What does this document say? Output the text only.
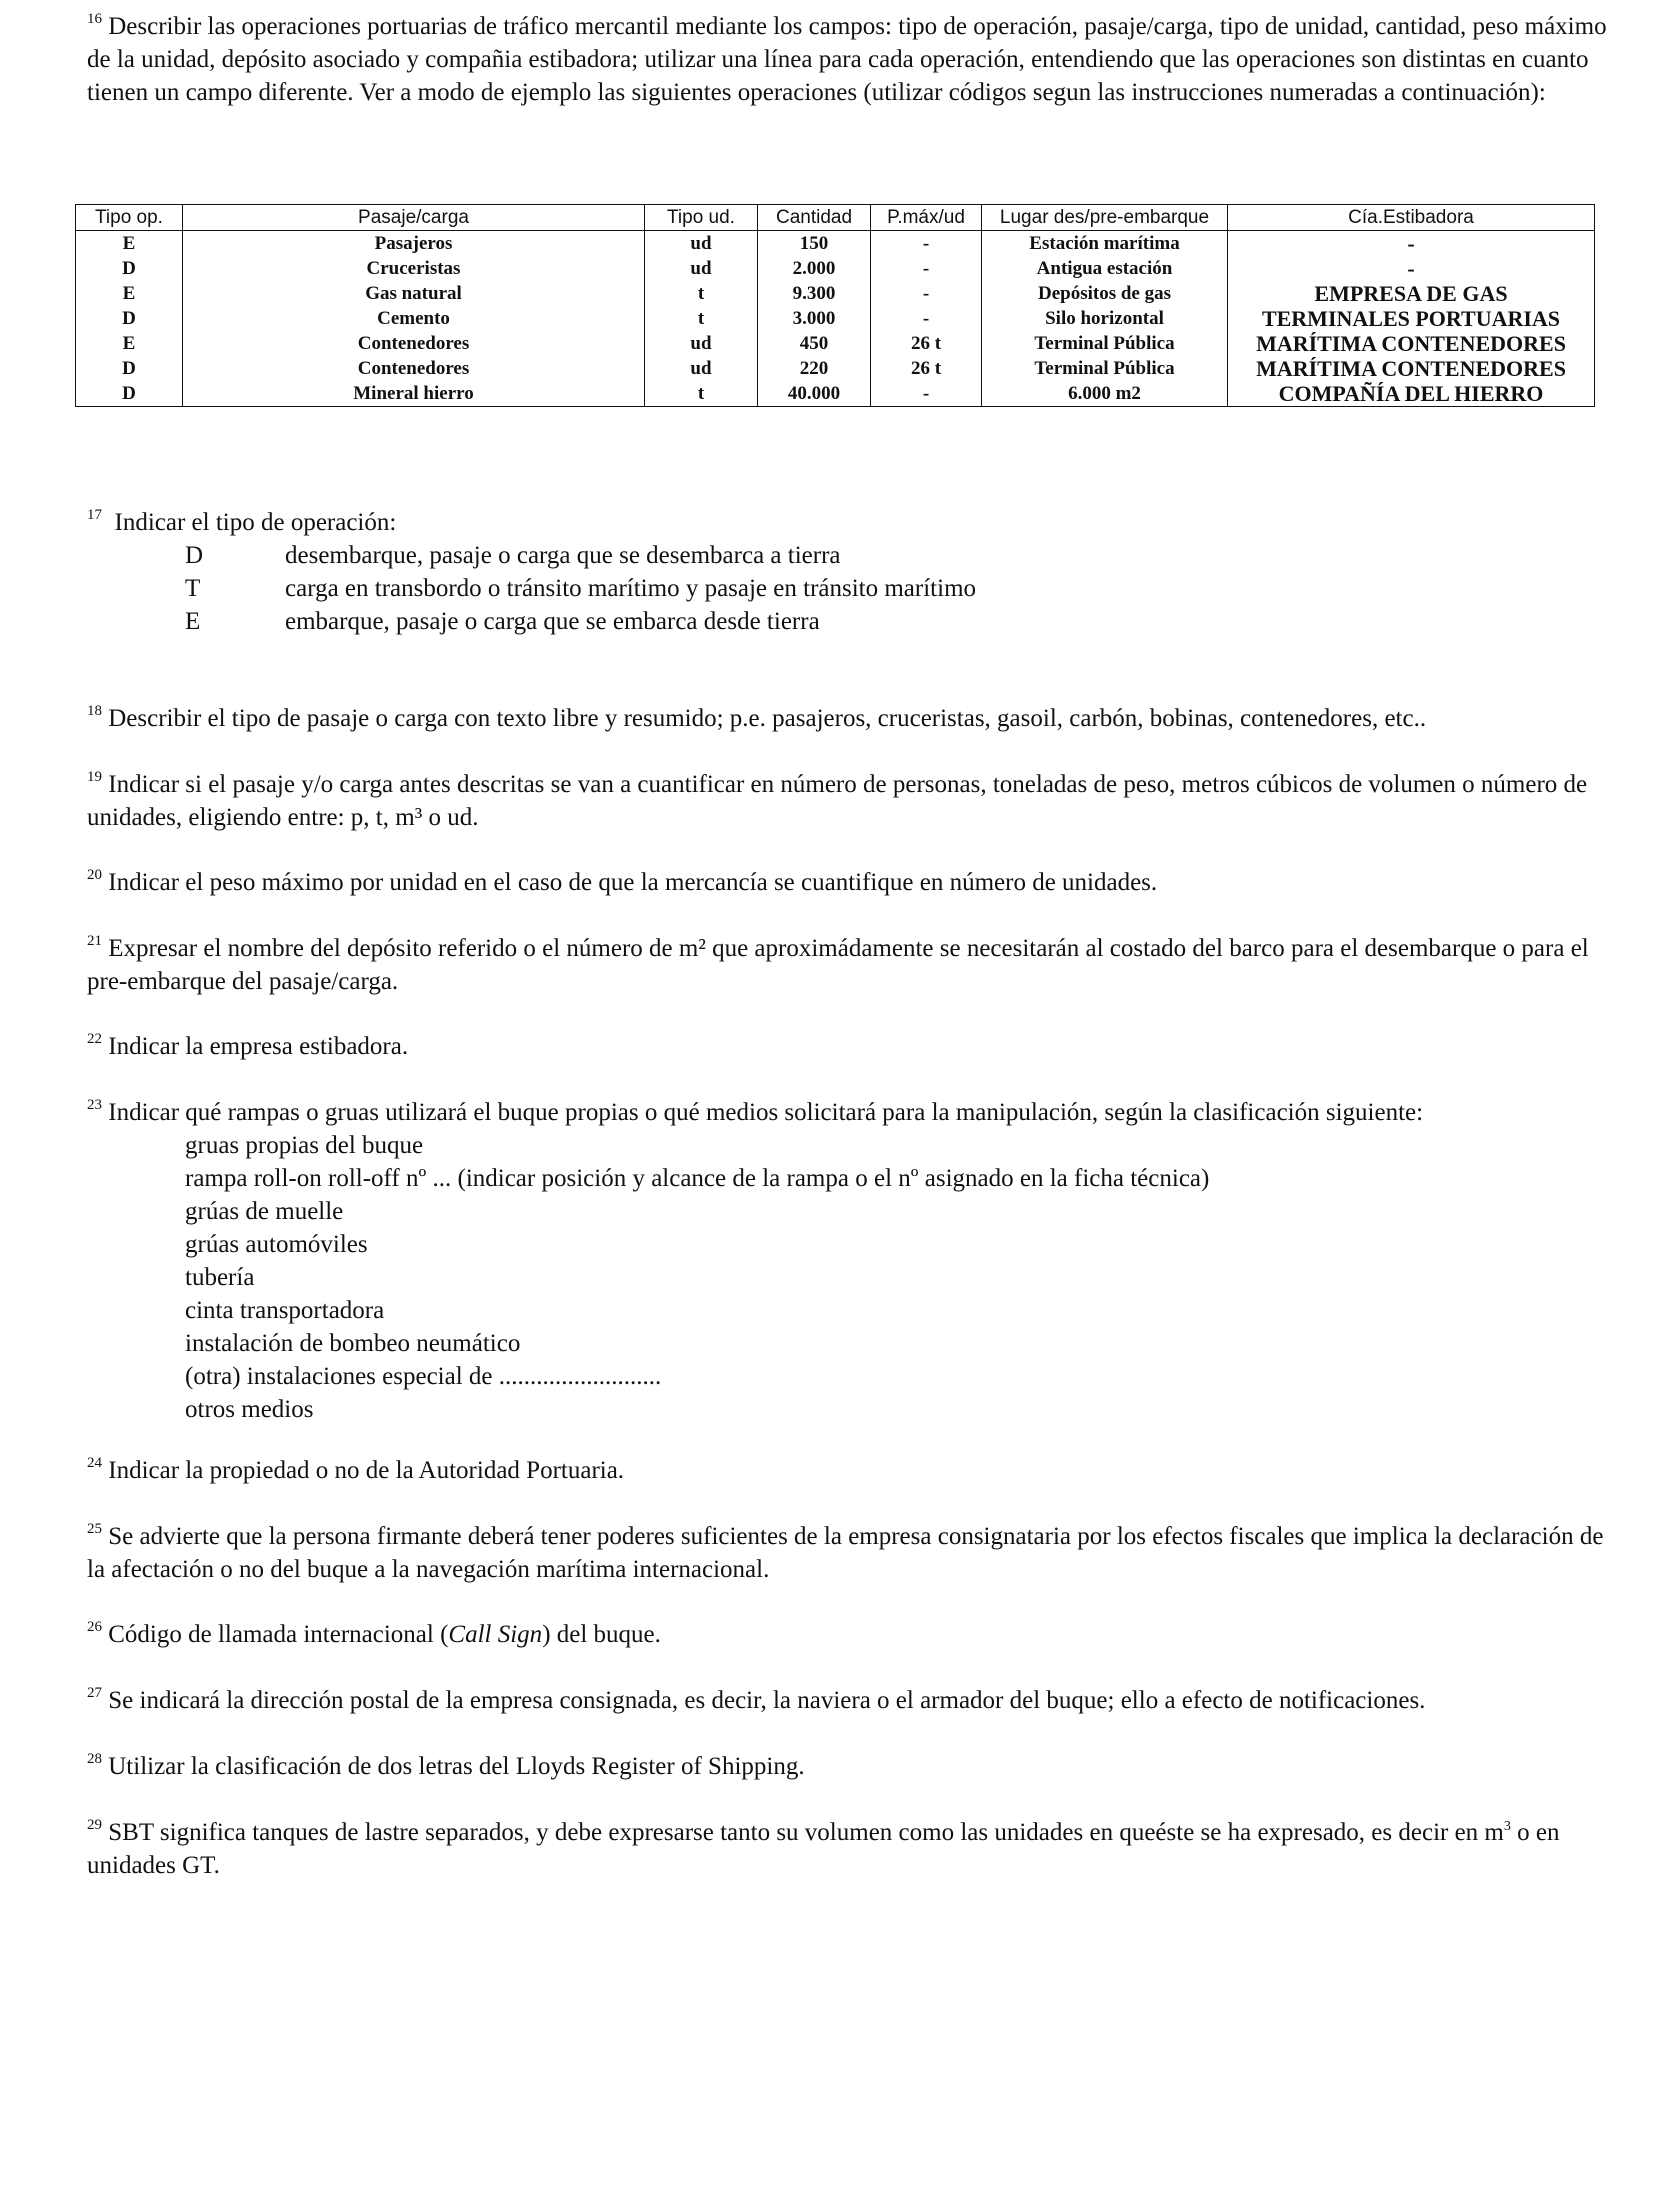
$^{16}$ Describir las operaciones portuarias de tráfico mercantil mediante los campos: tipo de operación, pasaje/carga, tipo de unidad, cantidad, peso máximo de la unidad, depósito asociado y compañia estibadora; utilizar una línea para cada operación, entendiendo que las operaciones son distintas en cuanto tienen un campo diferente. Ver a modo de ejemplo las siguientes operaciones (utilizar códigos segun las instrucciones numeradas a continuación):

Tipo op.	Pasaje/carga	Tipo ud.	Cantidad	P.máx/ud	Lugar des/pre-embarque	Cía.Estibadora
E	Pasajeros	ud	150	-	Estación marítima	-
D	Cruceristas	ud	2.000	-	Antigua estación	-
E	Gas natural	t	9.300	-	Depósitos de gas	EMPRESA DE GAS
D	Cemento	t	3.000	-	Silo horizontal	TERMINALES PORTUARIAS
E	Contenedores	ud	450	26 t	Terminal Pública	MARÍTIMA CONTENEDORES
D	Contenedores	ud	220	26 t	Terminal Pública	MARÍTIMA CONTENEDORES
D	Mineral hierro	t	40.000	-	6.000 m2	COMPAÑÍA DEL HIERRO

$^{17}$ Indicar el tipo de operación:

D	desembarque, pasaje o carga que se desembarca a tierra
T	carga en transbordo o tránsito marítimo y pasaje en tránsito marítimo
E	embarque, pasaje o carga que se embarca desde tierra

$^{18}$ Describir el tipo de pasaje o carga con texto libre y resumido; p.e. pasajeros, cruceristas, gasoil, carbón, bobinas, contenedores, etc..

$^{19}$ Indicar si el pasaje y/o carga antes descritas se van a cuantificar en número de personas, toneladas de peso, metros cúbicos de volumen o número de unidades, eligiendo entre: p, t, m³ o ud.

$^{20}$ Indicar el peso máximo por unidad en el caso de que la mercancía se cuantifique en número de unidades.

$^{21}$ Expresar el nombre del depósito referido o el número de m² que aproximádamente se necesitarán al costado del barco para el desembarque o para el pre-embarque del pasaje/carga.

$^{22}$ Indicar la empresa estibadora.

$^{23}$ Indicar qué rampas o gruas utilizará el buque propias o qué medios solicitará para la manipulación, según la clasificación siguiente:

gruas propias del buque
rampa roll-on roll-off nº ... (indicar posición y alcance de la rampa o el nº asignado en la ficha técnica)
grúas de muelle
grúas automóviles
tubería
cinta transportadora
instalación de bombeo neumático
(otra) instalaciones especial de ..........................
otros medios

$^{24}$ Indicar la propiedad o no de la Autoridad Portuaria.

$^{25}$ Se advierte que la persona firmante deberá tener poderes suficientes de la empresa consignataria por los efectos fiscales que implica la declaración de la afectación o no del buque a la navegación marítima internacional.

$^{26}$ Código de llamada internacional (Call Sign) del buque.

$^{27}$ Se indicará la dirección postal de la empresa consignada, es decir, la naviera o el armador del buque; ello a efecto de notificaciones.

$^{28}$ Utilizar la clasificación de dos letras del Lloyds Register of Shipping.

$^{29}$ SBT significa tanques de lastre separados, y debe expresarse tanto su volumen como las unidades en queéste se ha expresado, es decir en $m^3$ o en unidades GT.
